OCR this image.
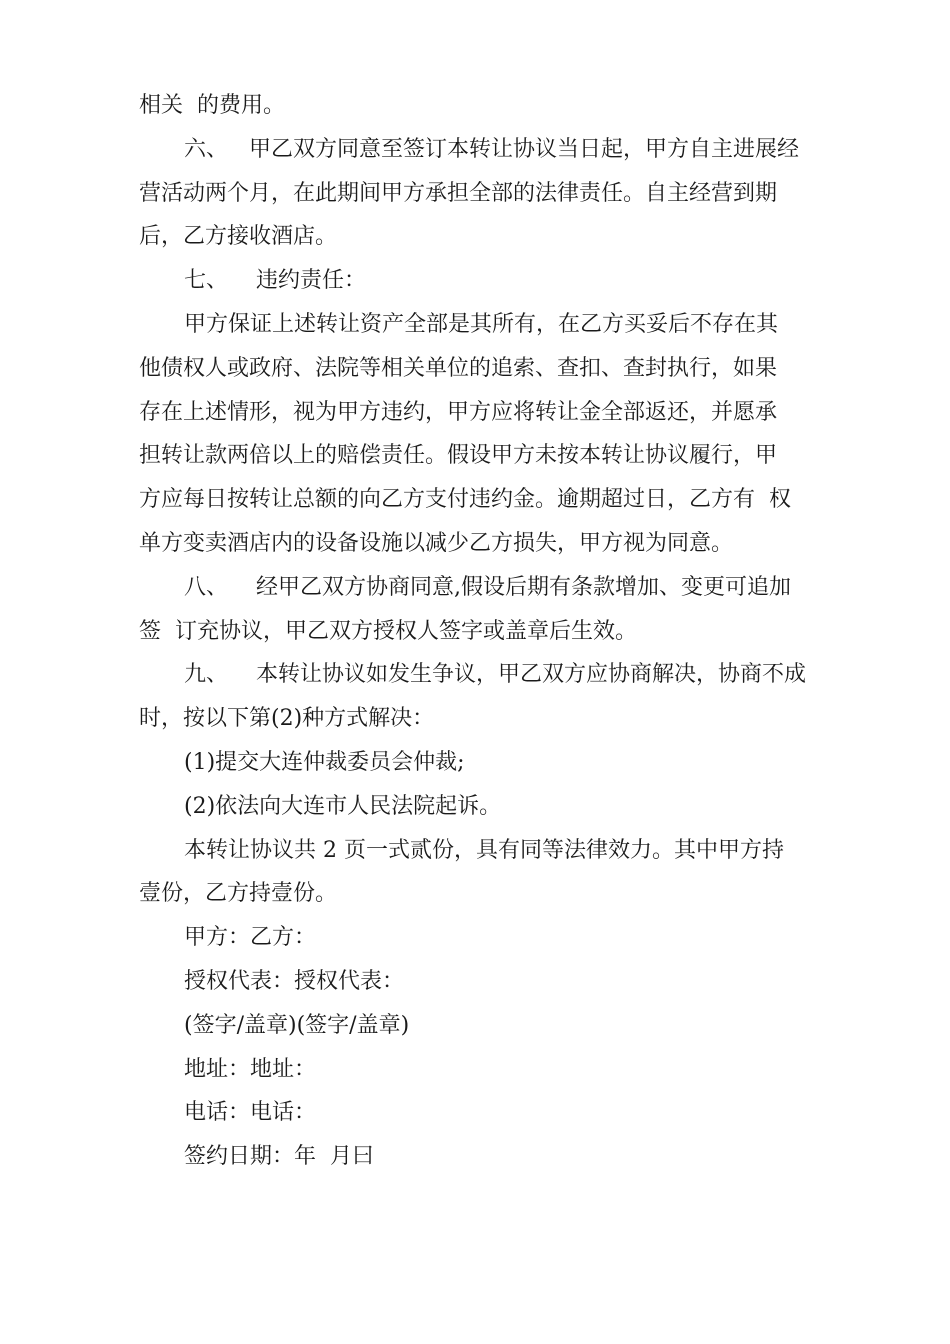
相关  的费用。
六、   甲乙双方同意至签订本转让协议当日起，甲方自主进展经
营活动两个月，在此期间甲方承担全部的法律责任。自主经营到期
后，乙方接收酒店。
七、    违约责任：
甲方保证上述转让资产全部是其所有，在乙方买妥后不存在其
他债权人或政府、法院等相关单位的追索、查扣、查封执行，如果
存在上述情形，视为甲方违约，甲方应将转让金全部返还，并愿承
担转让款两倍以上的赔偿责任。假设甲方未按本转让协议履行，甲
方应每日按转让总额的向乙方支付违约金。逾期超过日，乙方有  权
单方变卖酒店内的设备设施以减少乙方损失，甲方视为同意。
八、    经甲乙双方协商同意,假设后期有条款增加、变更可追加
签  订充协议，甲乙双方授权人签字或盖章后生效。
九、    本转让协议如发生争议，甲乙双方应协商解决，协商不成
时，按以下第(2)种方式解决：
(1)提交大连仲裁委员会仲裁;
(2)依法向大连市人民法院起诉。
本转让协议共 2 页一式贰份，具有同等法律效力。其中甲方持
壹份，乙方持壹份。
甲方：乙方：
授权代表：授权代表：
(签字/盖章)(签字/盖章)
地址：地址：
电话：电话：
签约日期：年  月曰
